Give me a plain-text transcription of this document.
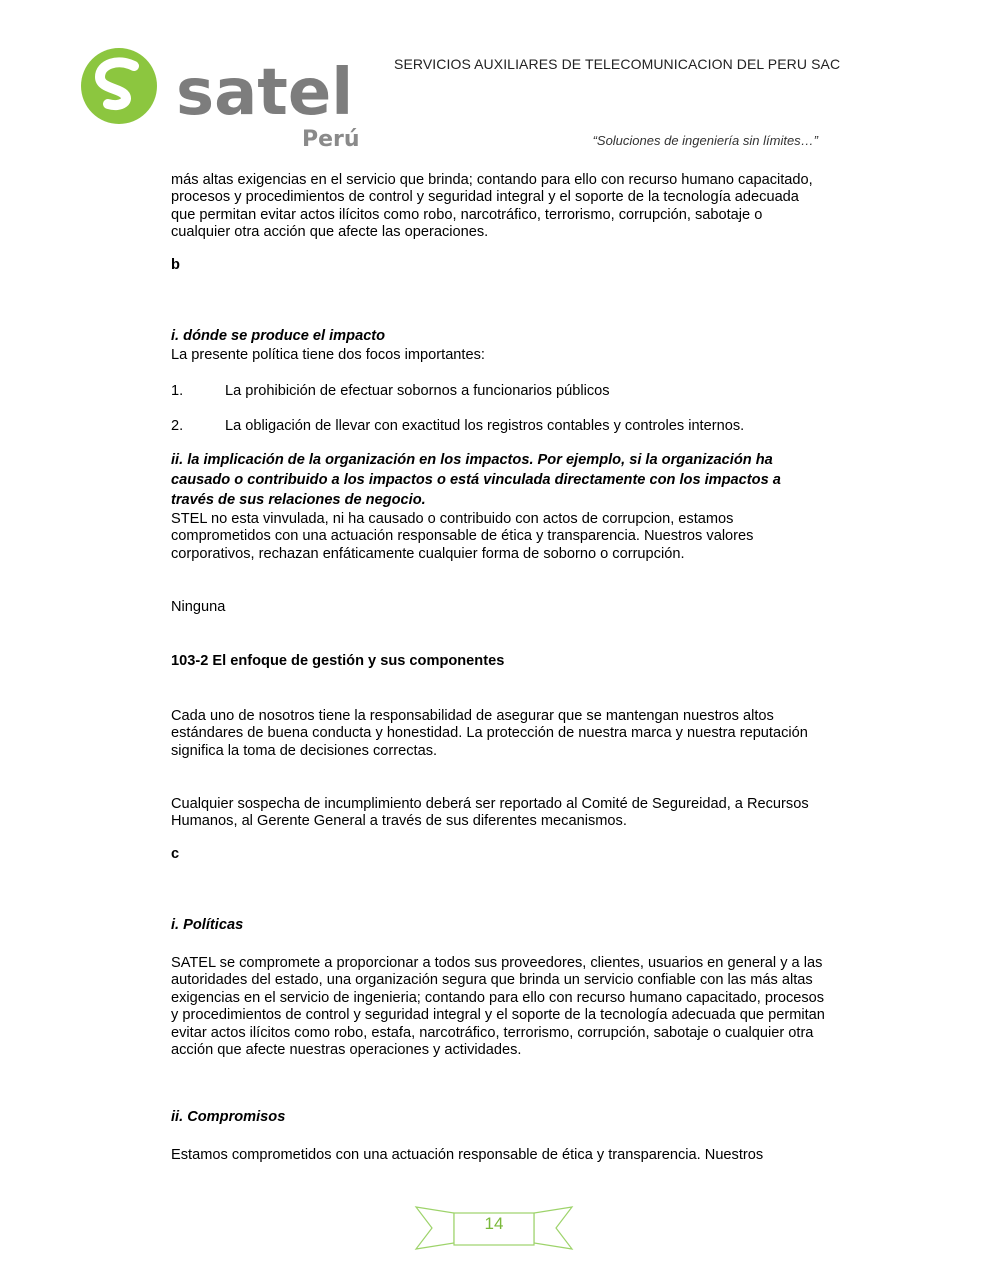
satel
Perú
SERVICIOS AUXILIARES DE TELECOMUNICACION DEL PERU SAC
“Soluciones de ingeniería sin límites…”

más altas exigencias en el servicio que brinda; contando para ello con recurso humano capacitado, procesos y procedimientos de control y seguridad integral y el soporte de la tecnología adecuada que permitan evitar actos ilícitos como robo, narcotráfico, terrorismo, corrupción, sabotaje o cualquier otra acción que afecte las operaciones.

b

i. dónde se produce el impacto

La presente política tiene dos focos importantes:

1.	La prohibición de efectuar sobornos a funcionarios públicos
2.	La obligación de llevar con exactitud los registros contables y controles internos.

ii. la implicación de la organización en los impactos. Por ejemplo, si la organización ha causado o contribuido a los impactos o está vinculada directamente con los impactos a través de sus relaciones de negocio.

STEL no esta vinvulada, ni ha causado o contribuido con actos de corrupcion, estamos comprometidos con una actuación responsable de ética y transparencia. Nuestros valores corporativos, rechazan enfáticamente cualquier forma de soborno o corrupción.

Ninguna

103-2 El enfoque de gestión y sus componentes

Cada uno de nosotros tiene la responsabilidad de asegurar que se mantengan nuestros altos estándares de buena conducta y honestidad. La protección de nuestra marca y nuestra reputación significa la toma de decisiones correctas.

Cualquier sospecha de incumplimiento deberá ser reportado al Comité de Segureidad, a Recursos Humanos, al Gerente General a través de sus diferentes mecanismos.

c

i. Políticas

SATEL se compromete a proporcionar a todos sus proveedores, clientes, usuarios en general y a las autoridades del estado, una organización segura que brinda un servicio confiable con las más altas exigencias en el servicio de ingenieria; contando para ello con recurso humano capacitado, procesos y procedimientos de control y seguridad integral y el soporte de la tecnología adecuada que permitan evitar actos ilícitos como robo, estafa, narcotráfico, terrorismo, corrupción, sabotaje o cualquier otra acción que afecte nuestras operaciones y actividades.

ii. Compromisos

Estamos comprometidos con una actuación responsable de ética y transparencia. Nuestros

14
